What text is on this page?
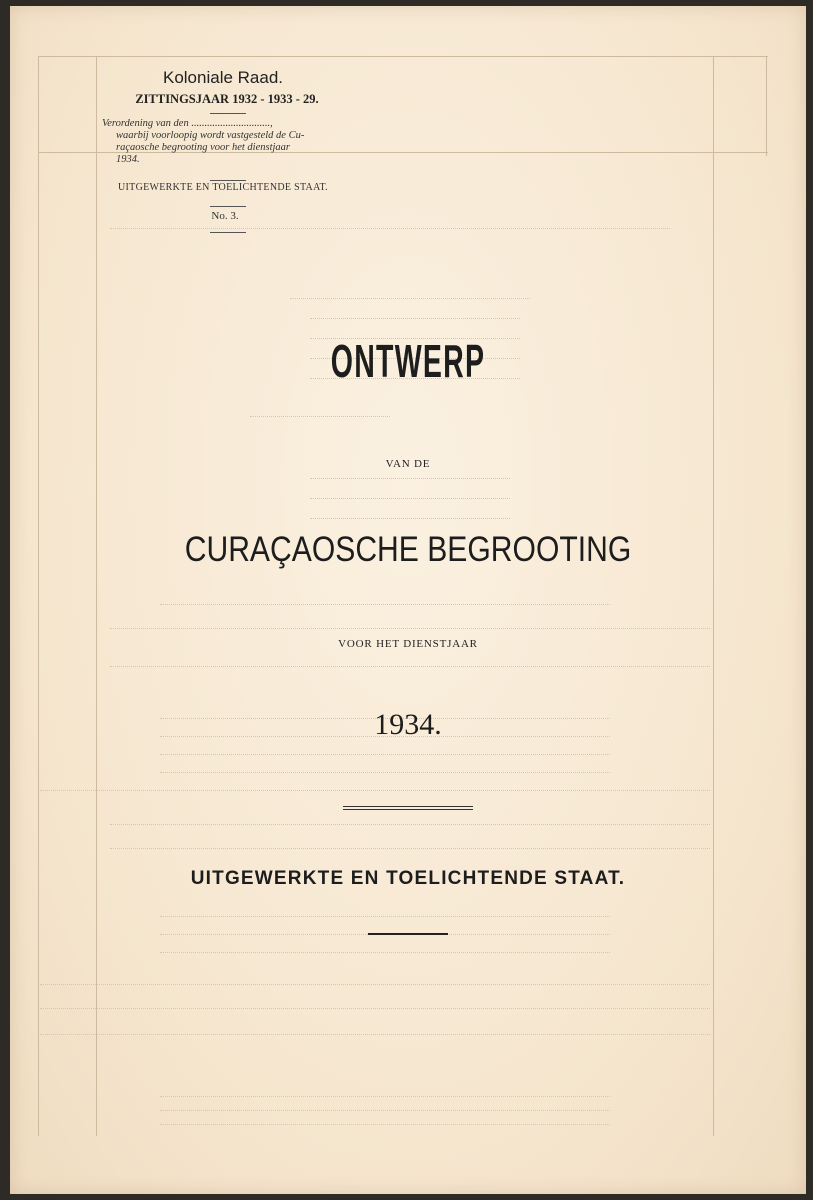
Koloniale Raad.
ZITTINGSJAAR 1932 - 1933 - 29.

Verordening van den ..............................,

waarbij voorloopig wordt vastgesteld de Cu-

raçaosche begrooting voor het dienstjaar

1934.

UITGEWERKTE EN TOELICHTENDE STAAT.
No. 3.
ONTWERP
VAN DE
CURAÇAOSCHE BEGROOTING
VOOR HET DIENSTJAAR
1934.
UITGEWERKTE EN TOELICHTENDE STAAT.
